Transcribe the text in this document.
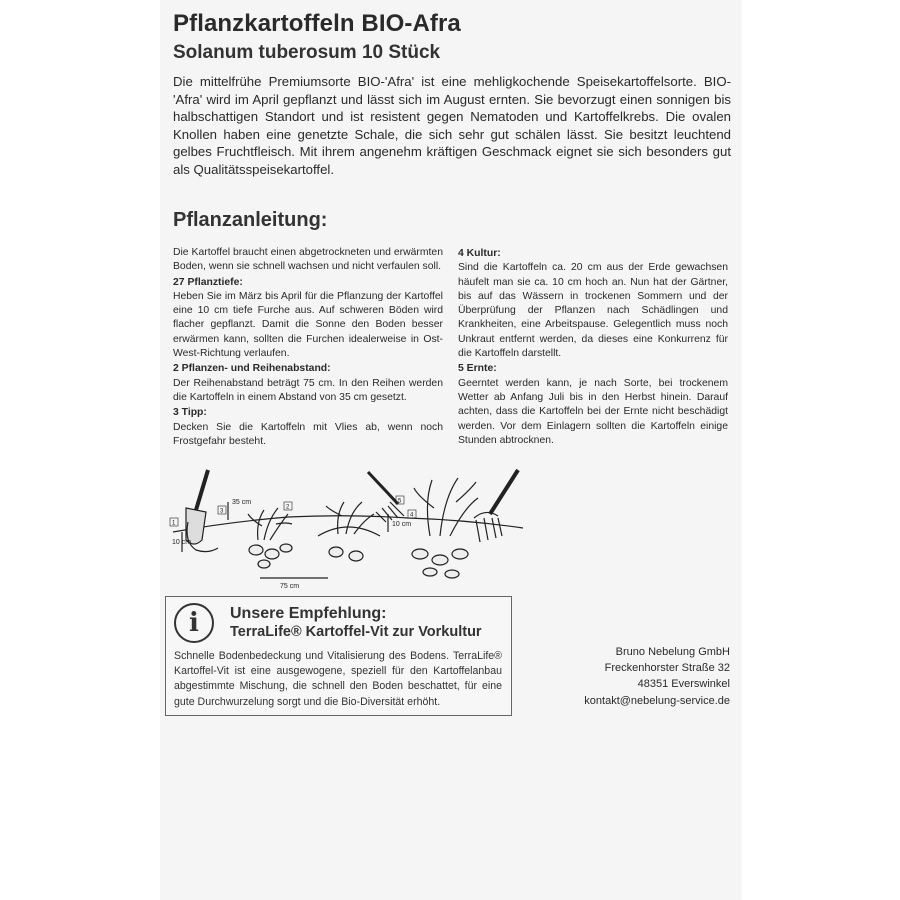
Pflanzkartoffeln BIO-Afra
Solanum tuberosum 10 Stück
Die mittelfrühe Premiumsorte BIO-'Afra' ist eine mehligkochende Speisekartoffelsorte. BIO-'Afra' wird im April gepflanzt und lässt sich im August ernten. Sie bevorzugt einen sonnigen bis halbschattigen Standort und ist resistent gegen Nematoden und Kartoffelkrebs. Die ovalen Knollen haben eine genetzte Schale, die sich sehr gut schälen lässt. Sie besitzt leuchtend gelbes Fruchtfleisch. Mit ihrem angenehm kräftigen Geschmack eignet sie sich besonders gut als Qualitätsspeisekartoffel.
Pflanzanleitung:

Die Kartoffel braucht einen abgetrockneten und erwärmten Boden, wenn sie schnell wachsen und nicht verfaulen soll.

27 Pflanztiefe:

Heben Sie im März bis April für die Pflanzung der Kartoffel eine 10 cm tiefe Furche aus. Auf schweren Böden wird flacher gepflanzt. Damit die Sonne den Boden besser erwärmen kann, sollten die Furchen idealerweise in Ost-West-Richtung verlaufen.

2 Pflanzen- und Reihenabstand:

Der Reihenabstand beträgt 75 cm. In den Reihen werden die Kartoffeln in einem Abstand von 35 cm gesetzt.

3 Tipp:

Decken Sie die Kartoffeln mit Vlies ab, wenn noch Frostgefahr besteht.

4 Kultur:

Sind die Kartoffeln ca. 20 cm aus der Erde gewachsen häufelt man sie ca. 10 cm hoch an. Nun hat der Gärtner, bis auf das Wässern in trockenen Sommern und der Überprüfung der Pflanzen nach Schädlingen und Krankheiten, eine Arbeitspause. Gelegentlich muss noch Unkraut entfernt werden, da dieses eine Konkurrenz für die Kartoffeln darstellt.

5 Ernte:

Geerntet werden kann, je nach Sorte, bei trockenem Wetter ab Anfang Juli bis in den Herbst hinein. Darauf achten, dass die Kartoffeln bei der Ernte nicht beschädigt werden. Vor dem Einlagern sollten die Kartoffeln einige Stunden abtrocknen.

35 cm
10 cm
10 cm
75 cm
1
2
3
4
5
i	Unsere Empfehlung:
TerraLife® Kartoffel-Vit zur Vorkultur
Schnelle Bodenbedeckung und Vitalisierung des Bodens. TerraLife® Kartoffel-Vit ist eine ausgewogene, speziell für den Kartoffelanbau abgestimmte Mischung, die schnell den Boden beschattet, für eine gute Durchwurzelung sorgt und die Bio-Diversität erhöht.
Bruno Nebelung GmbH
Freckenhorster Straße 32
48351 Everswinkel
kontakt@nebelung-service.de
